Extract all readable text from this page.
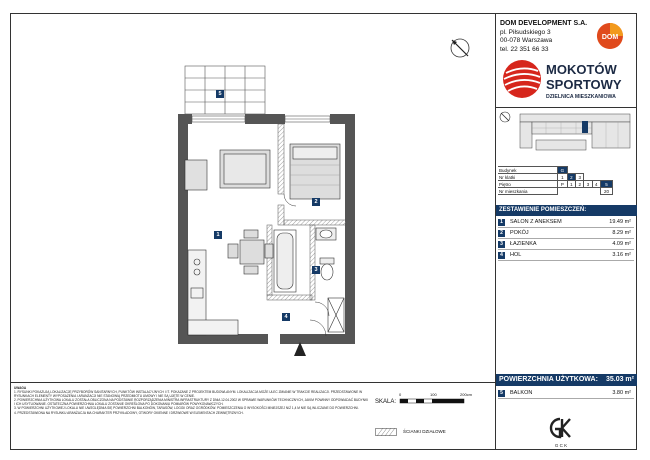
DOM DEVELOPMENT S.A.
pl. Piłsudskiego 3
00-078 Warszawa
tel. 22 351 66 33
DOM
MOKOTÓW
SPORTOWY
DZIELNICA MIESZKANIOWA
Budynek	G					
Nr klatki	1	2	3			
Piętro	P	1	2	3	4	5
Nr mieszkania						20
ZESTAWIENIE POMIESZCZEŃ:
1	SALON Z ANEKSEM	19.49 m²
2	POKÓJ	8.29 m²
3	ŁAZIENKA	4.09 m²
4	HOL	3.16 m²
POWIERZCHNIA UŻYTKOWA: 35.03 m²
5	BALKON	3.80 m²
UWAGA
1. RYSUNKI POKAZUJĄ LOKALIZACJĘ PRZYBORÓW SANITARNYCH, PUNKTÓW INSTALACYJNYCH I IT. POKAZANE Z PROJEKTEM BUDOWLANYM. LOKALIZACJA MOŻE ULEC ZMIANIE W TRAKCIE REALIZACJI. PRZEDSTAWIONE W RYSUNKACH ELEMENTY WYPOSAŻENIA I ARANŻACJI NIE STANOWIĄ PRZEDMIOTU UMOWY I NIE SĄ UJĘTE W CENIE.
2. POWIERZCHNIA UŻYTKOWA LOKALU ZOSTAŁA OBLICZONA NA PODSTAWIE ROZPORZĄDZENIA MINISTRA INFRASTRUKTURY Z DNIA 12.04.2002 W SPRAWIE WARUNKÓW TECHNICZNYCH, JAKIM POWINNY ODPOWIADAĆ BUDYNKI I ICH USYTUOWANIE. OSTATECZNA POWIERZCHNIA LOKALU ZOSTANIE OKREŚLONA PO DOKONANIU POMIARÓW POWYKONAWCZYCH.
3. W POWIERZCHNI UŻYTKOWEJ LOKALU NIE UWZGLĘDNIA SIĘ POWIERZCHNI BALKONÓW, TARASÓW, LOGGII ORAZ OGRÓDKÓW. POMIESZCZENIA O WYSOKOŚCI MNIEJSZEJ NIŻ 1,4 M NIE SĄ WLICZANE DO POWIERZCHNI.
4. PRZEDSTAWIONA NA RYSUNKU ARANŻACJA MA CHARAKTER PRZYKŁADOWY, OTWORY OKIENNE I DRZWIOWE W ELEMENTACH ZEWNĘTRZNYCH.
SKALA:
0	100	200cm
ŚCIANKI DZIAŁOWE
G C K
5
1
2
3
4
